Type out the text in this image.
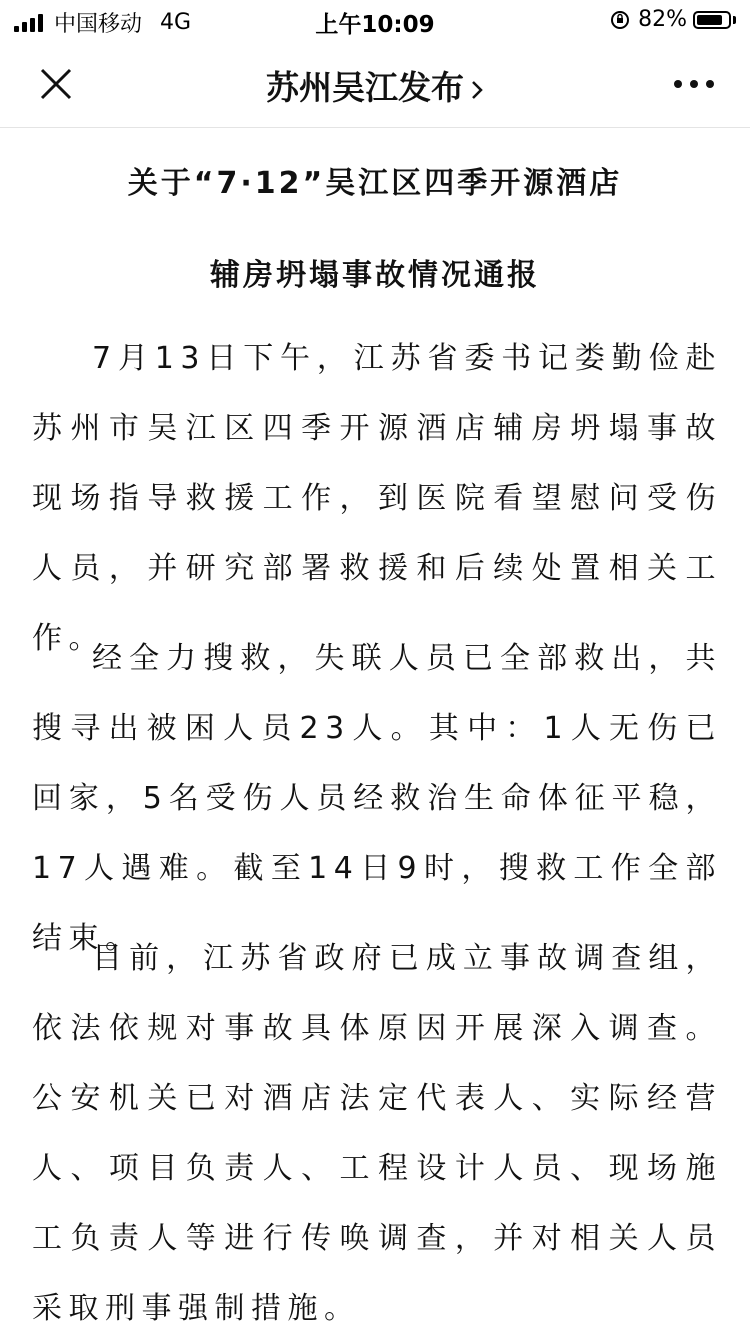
中国移动 4G	上午10:09	82%
苏州吴江发布
关于“7·12”吴江区四季开源酒店
辅房坍塌事故情况通报

7月13日下午，江苏省委书记娄勤俭赴苏州市吴江区四季开源酒店辅房坍塌事故现场指导救援工作，到医院看望慰问受伤人员，并研究部署救援和后续处置相关工作。

经全力搜救，失联人员已全部救出，共搜寻出被困人员23人。其中：1人无伤已回家，5名受伤人员经救治生命体征平稳，17人遇难。截至14日9时，搜救工作全部结束。

目前，江苏省政府已成立事故调查组，依法依规对事故具体原因开展深入调查。公安机关已对酒店法定代表人、实际经营人、项目负责人、工程设计人员、现场施工负责人等进行传唤调查，并对相关人员采取刑事强制措施。
